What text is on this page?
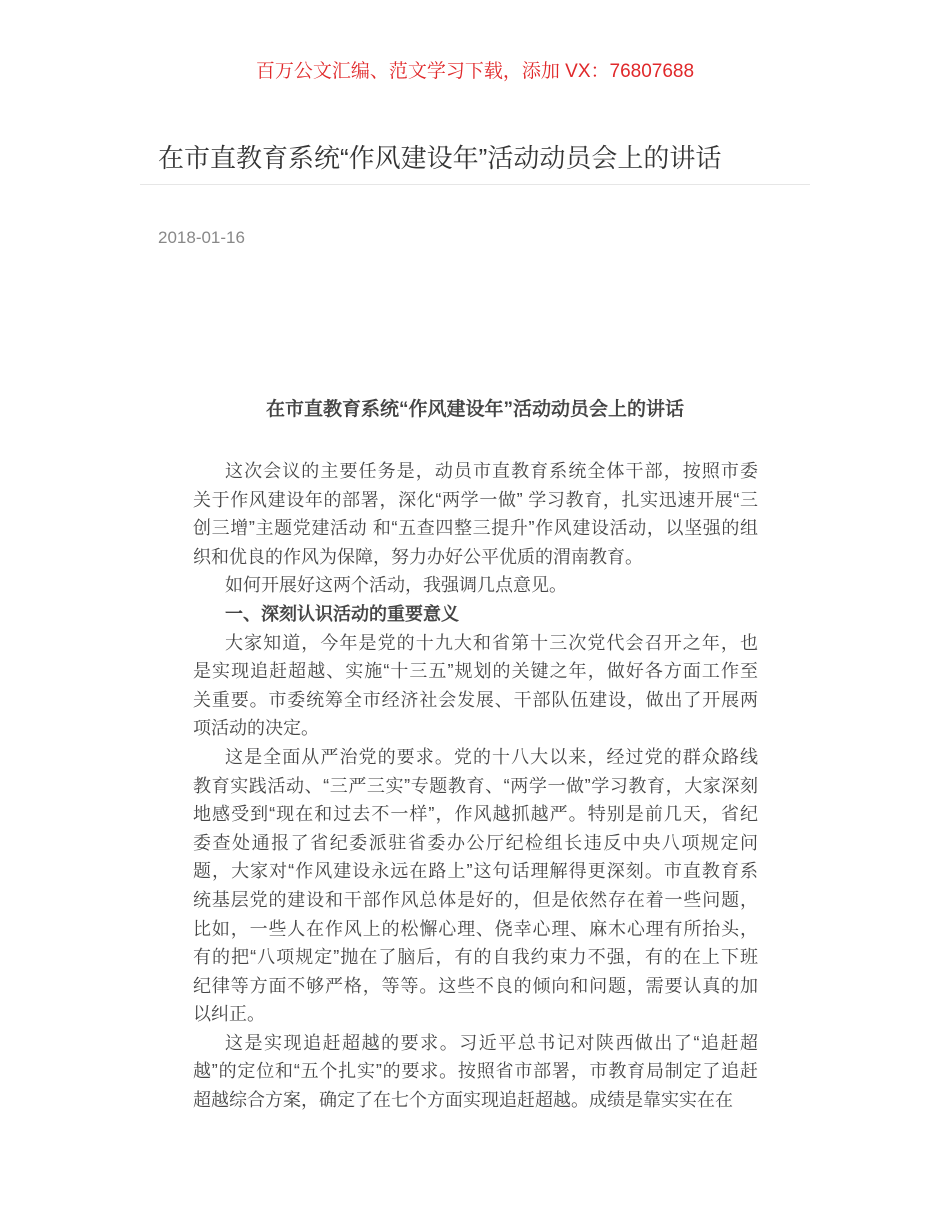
百万公文汇编、范文学习下载，添加 VX：76807688
在市直教育系统“作风建设年”活动动员会上的讲话
2018-01-16
在市直教育系统“作风建设年”活动动员会上的讲话
这次会议的主要任务是，动员市直教育系统全体干部，按照市委
关于作风建设年的部署，深化“两学一做” 学习教育，扎实迅速开展“三
创三增”主题党建活动 和“五查四整三提升”作风建设活动，以坚强的组
织和优良的作风为保障，努力办好公平优质的渭南教育。
如何开展好这两个活动，我强调几点意见。
一、深刻认识活动的重要意义
大家知道，今年是党的十九大和省第十三次党代会召开之年，也
是实现追赶超越、实施“十三五”规划的关键之年，做好各方面工作至
关重要。市委统筹全市经济社会发展、干部队伍建设，做出了开展两
项活动的决定。
这是全面从严治党的要求。党的十八大以来，经过党的群众路线
教育实践活动、“三严三实”专题教育、“两学一做”学习教育，大家深刻
地感受到“现在和过去不一样”，作风越抓越严。特别是前几天，省纪
委查处通报了省纪委派驻省委办公厅纪检组长违反中央八项规定问
题，大家对“作风建设永远在路上”这句话理解得更深刻。市直教育系
统基层党的建设和干部作风总体是好的，但是依然存在着一些问题，
比如，一些人在作风上的松懈心理、侥幸心理、麻木心理有所抬头，
有的把“八项规定”抛在了脑后，有的自我约束力不强，有的在上下班
纪律等方面不够严格，等等。这些不良的倾向和问题，需要认真的加
以纠正。
这是实现追赶超越的要求。习近平总书记对陕西做出了“追赶超
越”的定位和“五个扎实”的要求。按照省市部署，市教育局制定了追赶
超越综合方案，确定了在七个方面实现追赶超越。成绩是靠实实在在
